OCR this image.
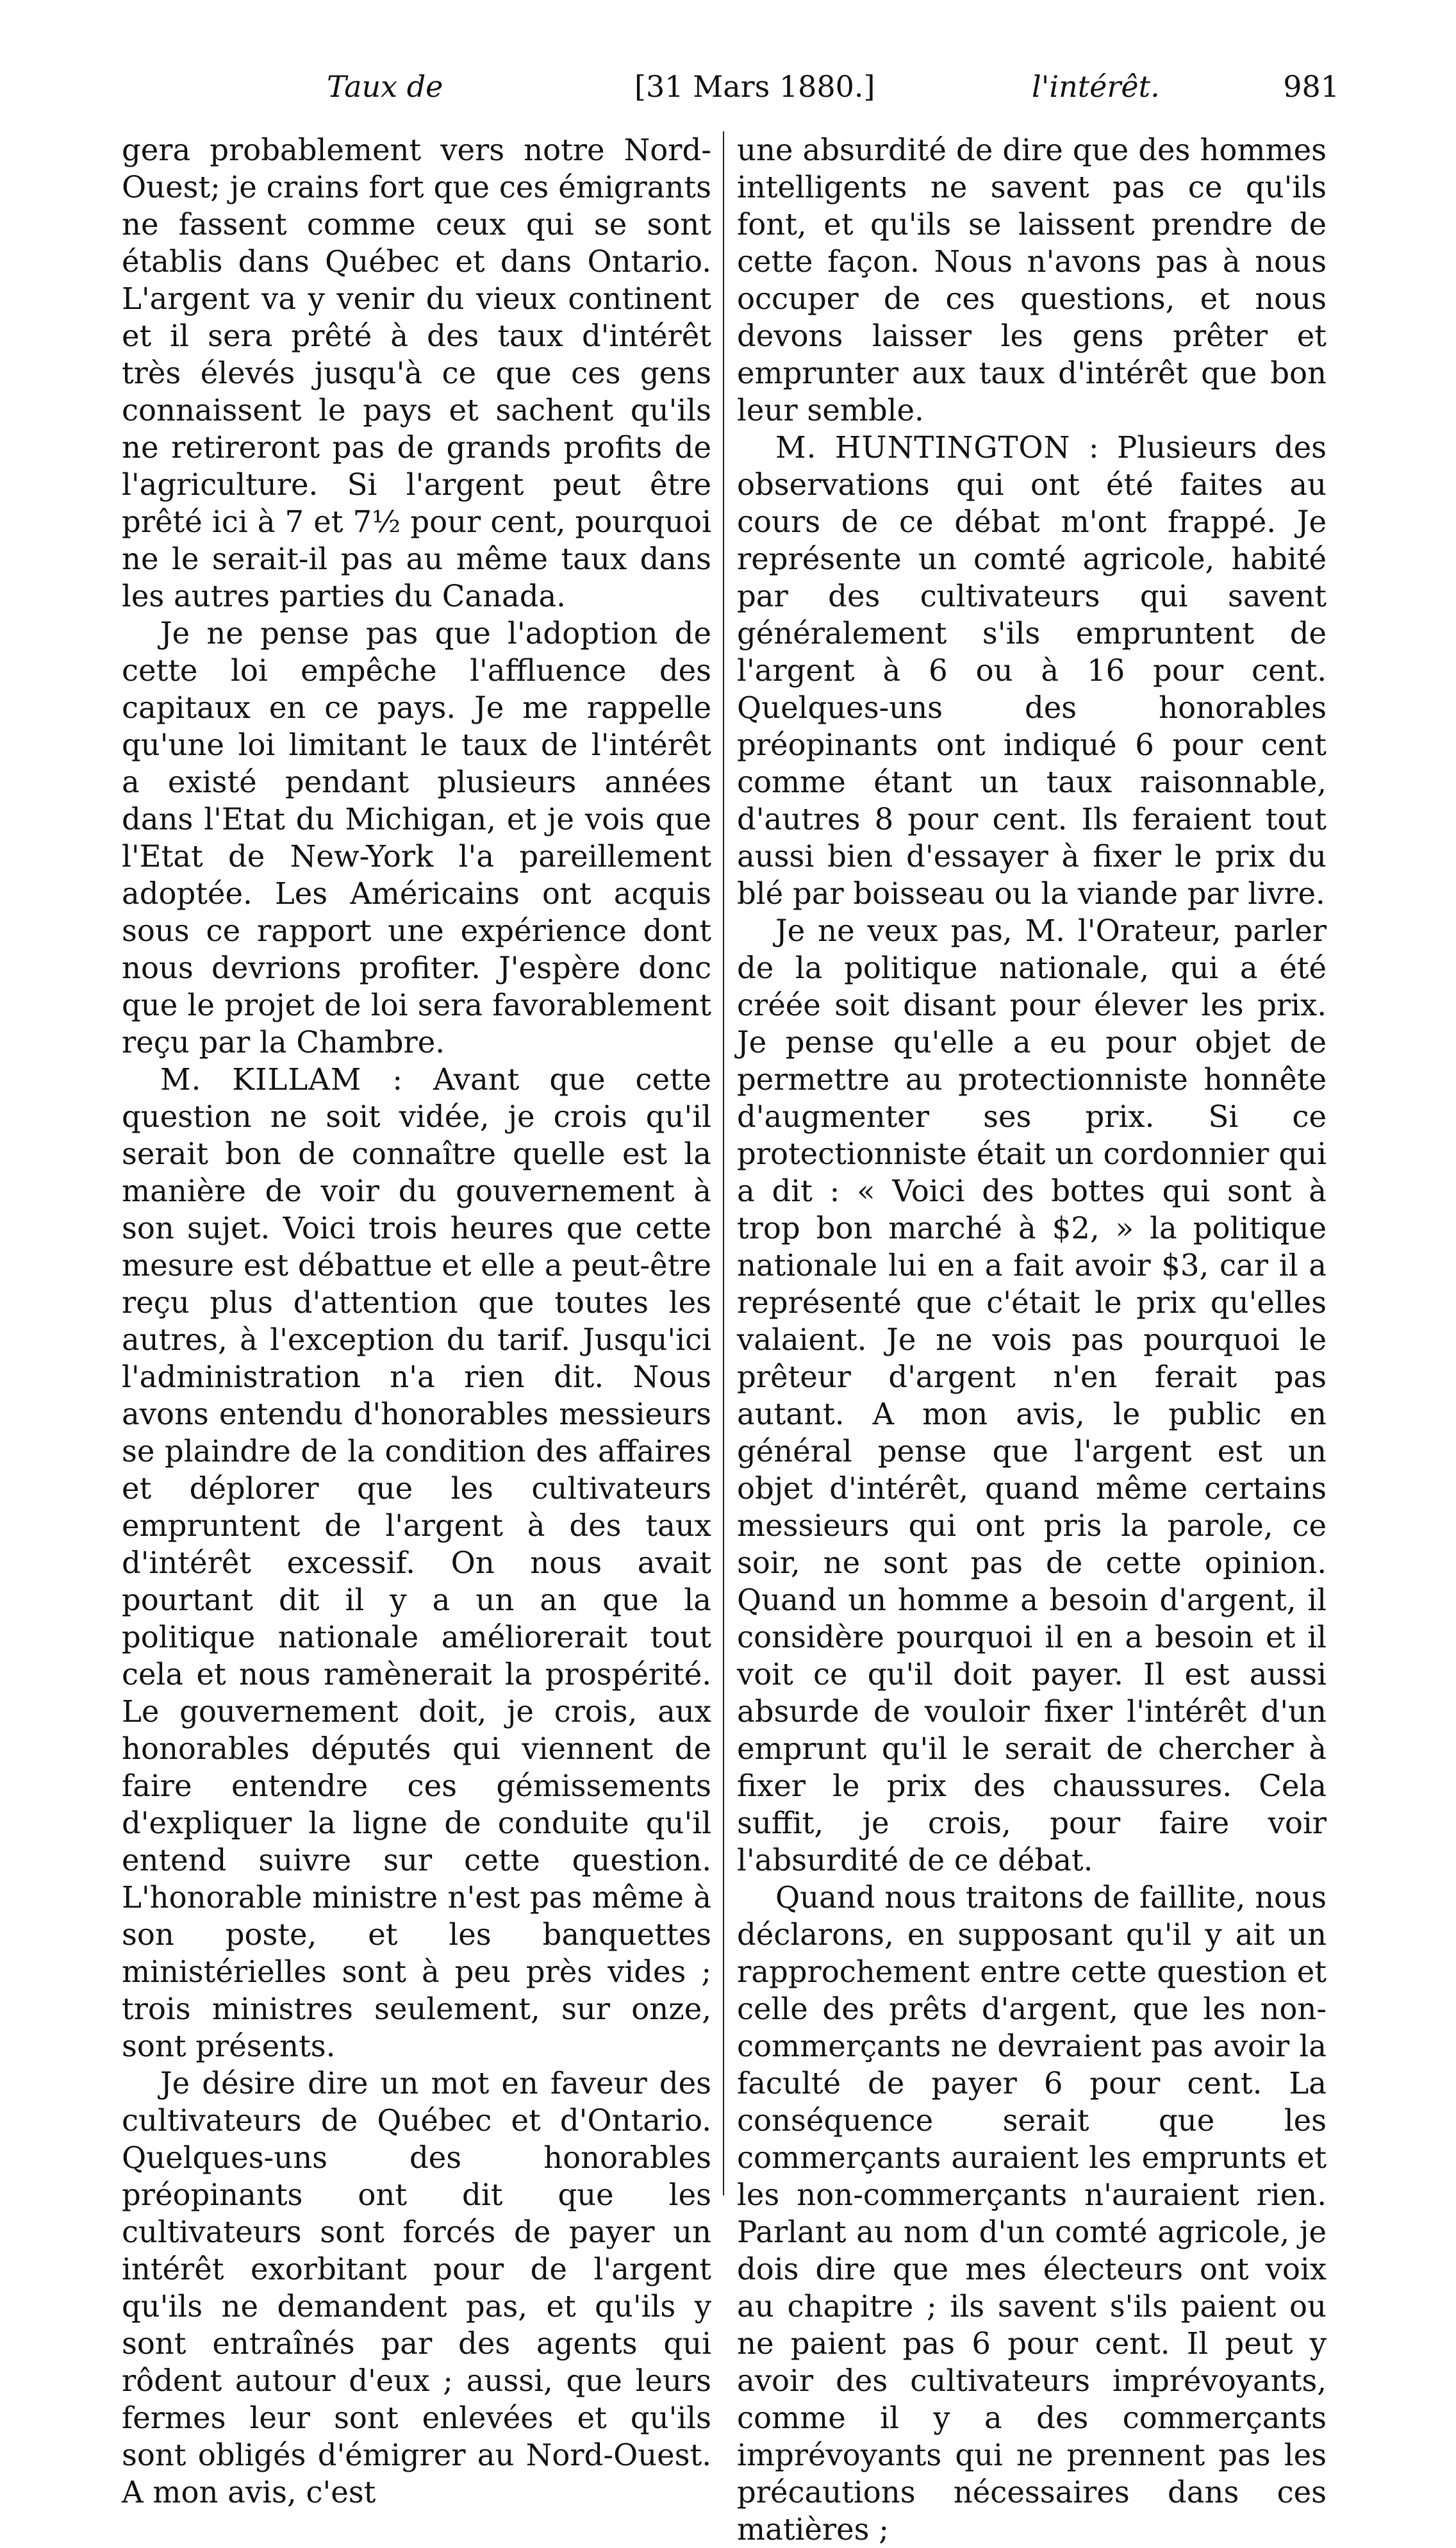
Taux de	[31 Mars 1880.]	l'intérêt.	981

gera probablement vers notre Nord-Ouest; je crains fort que ces émigrants ne fassent comme ceux qui se sont établis dans Québec et dans Ontario. L'argent va y venir du vieux continent et il sera prêté à des taux d'intérêt très élevés jusqu'à ce que ces gens connaissent le pays et sachent qu'ils ne retireront pas de grands profits de l'agriculture. Si l'argent peut être prêté ici à 7 et 7½ pour cent, pourquoi ne le serait-il pas au même taux dans les autres parties du Canada.

Je ne pense pas que l'adoption de cette loi empêche l'affluence des capitaux en ce pays. Je me rappelle qu'une loi limitant le taux de l'intérêt a existé pendant plusieurs années dans l'Etat du Michigan, et je vois que l'Etat de New-York l'a pareillement adoptée. Les Américains ont acquis sous ce rapport une expérience dont nous devrions profiter. J'espère donc que le projet de loi sera favorablement reçu par la Chambre.

M. KILLAM : Avant que cette question ne soit vidée, je crois qu'il serait bon de connaître quelle est la manière de voir du gouvernement à son sujet. Voici trois heures que cette mesure est débattue et elle a peut-être reçu plus d'attention que toutes les autres, à l'exception du tarif. Jusqu'ici l'administration n'a rien dit. Nous avons entendu d'honorables messieurs se plaindre de la condition des affaires et déplorer que les cultivateurs empruntent de l'argent à des taux d'intérêt excessif. On nous avait pourtant dit il y a un an que la politique nationale améliorerait tout cela et nous ramènerait la prospérité. Le gouvernement doit, je crois, aux honorables députés qui viennent de faire entendre ces gémissements d'expliquer la ligne de conduite qu'il entend suivre sur cette question. L'honorable ministre n'est pas même à son poste, et les banquettes ministérielles sont à peu près vides ; trois ministres seulement, sur onze, sont présents.

Je désire dire un mot en faveur des cultivateurs de Québec et d'Ontario. Quelques-uns des honorables préopinants ont dit que les cultivateurs sont forcés de payer un intérêt exorbitant pour de l'argent qu'ils ne demandent pas, et qu'ils y sont entraînés par des agents qui rôdent autour d'eux ; aussi, que leurs fermes leur sont enlevées et qu'ils sont obligés d'émigrer au Nord-Ouest. A mon avis, c'est

une absurdité de dire que des hommes intelligents ne savent pas ce qu'ils font, et qu'ils se laissent prendre de cette façon. Nous n'avons pas à nous occuper de ces questions, et nous devons laisser les gens prêter et emprunter aux taux d'intérêt que bon leur semble.

M. HUNTINGTON : Plusieurs des observations qui ont été faites au cours de ce débat m'ont frappé. Je représente un comté agricole, habité par des cultivateurs qui savent généralement s'ils empruntent de l'argent à 6 ou à 16 pour cent. Quelques-uns des honorables préopinants ont indiqué 6 pour cent comme étant un taux raisonnable, d'autres 8 pour cent. Ils feraient tout aussi bien d'essayer à fixer le prix du blé par boisseau ou la viande par livre.

Je ne veux pas, M. l'Orateur, parler de la politique nationale, qui a été créée soit disant pour élever les prix. Je pense qu'elle a eu pour objet de permettre au protectionniste honnête d'augmenter ses prix. Si ce protectionniste était un cordonnier qui a dit : « Voici des bottes qui sont à trop bon marché à $2, » la politique nationale lui en a fait avoir $3, car il a représenté que c'était le prix qu'elles valaient. Je ne vois pas pourquoi le prêteur d'argent n'en ferait pas autant. A mon avis, le public en général pense que l'argent est un objet d'intérêt, quand même certains messieurs qui ont pris la parole, ce soir, ne sont pas de cette opinion. Quand un homme a besoin d'argent, il considère pourquoi il en a besoin et il voit ce qu'il doit payer. Il est aussi absurde de vouloir fixer l'intérêt d'un emprunt qu'il le serait de chercher à fixer le prix des chaussures. Cela suffit, je crois, pour faire voir l'absurdité de ce débat.

Quand nous traitons de faillite, nous déclarons, en supposant qu'il y ait un rapprochement entre cette question et celle des prêts d'argent, que les non-commerçants ne devraient pas avoir la faculté de payer 6 pour cent. La conséquence serait que les commerçants auraient les emprunts et les non-commerçants n'auraient rien. Parlant au nom d'un comté agricole, je dois dire que mes électeurs ont voix au chapitre ; ils savent s'ils paient ou ne paient pas 6 pour cent. Il peut y avoir des cultivateurs imprévoyants, comme il y a des commerçants imprévoyants qui ne prennent pas les précautions nécessaires dans ces matières ;
